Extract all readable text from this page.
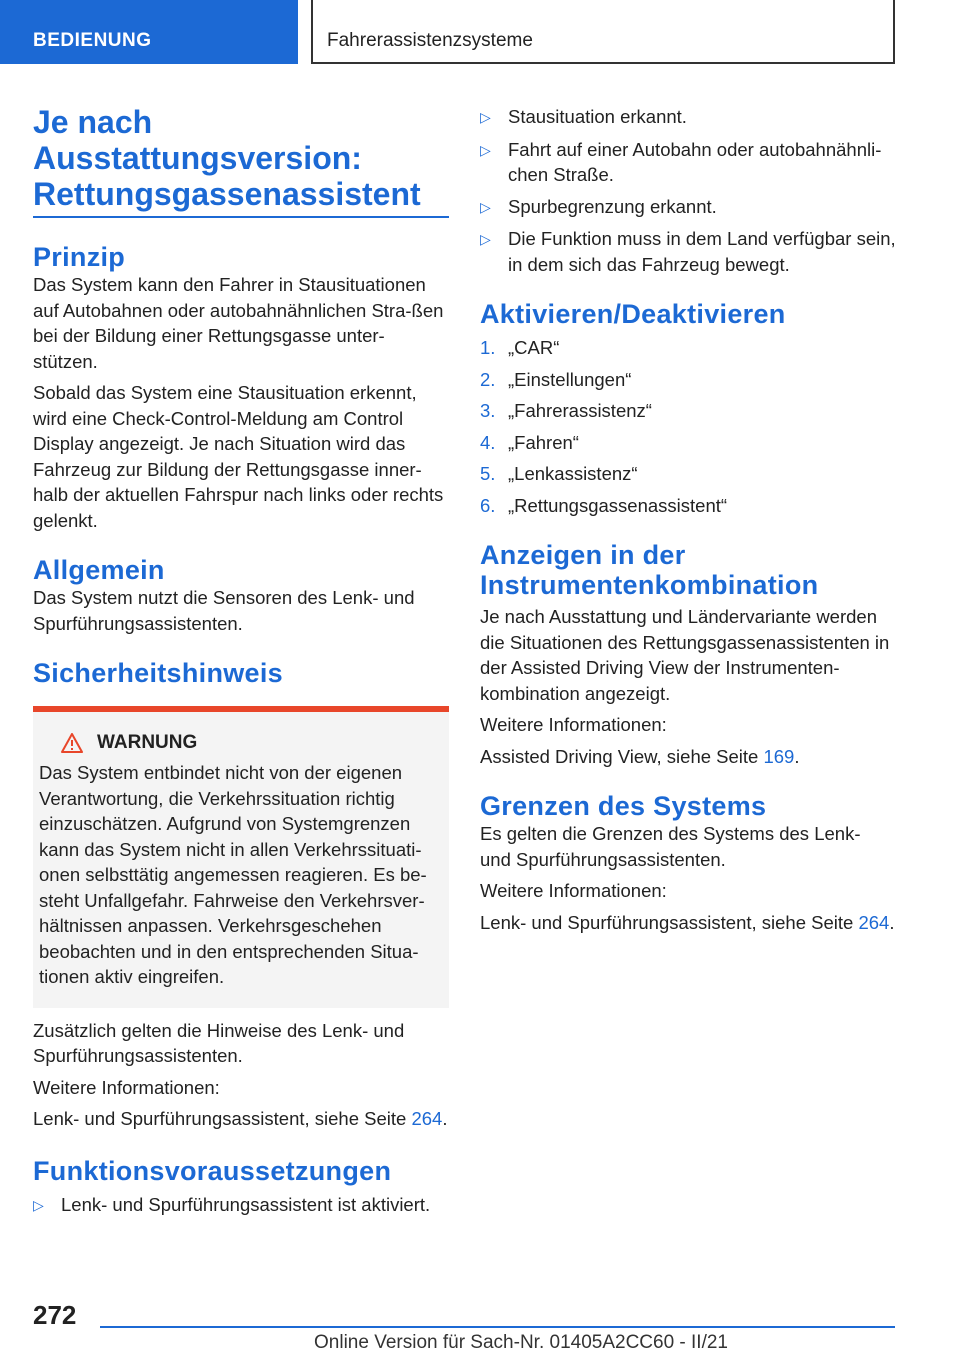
BEDIENUNG	Fahrerassistenzsysteme
Je nach Ausstattungsversion: Rettungsgassenassistent
Prinzip

Das System kann den Fahrer in Stausituationen auf Autobahnen oder autobahnähnlichen Stra-ßen bei der Bildung einer Rettungsgasse unter-stützen.

Sobald das System eine Stausituation erkennt, wird eine Check-Control-Meldung am Control Display angezeigt. Je nach Situation wird das Fahrzeug zur Bildung der Rettungsgasse inner-halb der aktuellen Fahrspur nach links oder rechts gelenkt.

Allgemein

Das System nutzt die Sensoren des Lenk- und Spurführungsassistenten.

Sicherheitshinweis
WARNUNG

Das System entbindet nicht von der eigenen Verantwortung, die Verkehrssituation richtig einzuschätzen. Aufgrund von Systemgrenzen kann das System nicht in allen Verkehrssituati-onen selbsttätig angemessen reagieren. Es be-steht Unfallgefahr. Fahrweise den Verkehrsver-hältnissen anpassen. Verkehrsgeschehen beobachten und in den entsprechenden Situa-tionen aktiv eingreifen.

Zusätzlich gelten die Hinweise des Lenk- und Spurführungsassistenten.

Weitere Informationen:

Lenk- und Spurführungsassistent, siehe Seite 264.

Funktionsvoraussetzungen
▷ Lenk- und Spurführungsassistent ist aktiviert.
▷ Stausituation erkannt.
▷ Fahrt auf einer Autobahn oder autobahnähnli-chen Straße.
▷ Spurbegrenzung erkannt.
▷ Die Funktion muss in dem Land verfügbar sein, in dem sich das Fahrzeug bewegt.
Aktivieren/Deaktivieren
1. „CAR“
2. „Einstellungen“
3. „Fahrerassistenz“
4. „Fahren“
5. „Lenkassistenz“
6. „Rettungsgassenassistent“
Anzeigen in der Instrumentenkombination

Je nach Ausstattung und Ländervariante werden die Situationen des Rettungsgassenassistenten in der Assisted Driving View der Instrumenten-kombination angezeigt.

Weitere Informationen:

Assisted Driving View, siehe Seite 169.

Grenzen des Systems

Es gelten die Grenzen des Systems des Lenk- und Spurführungsassistenten.

Weitere Informationen:

Lenk- und Spurführungsassistent, siehe Seite 264.

272
Online Version für Sach-Nr. 01405A2CC60 - II/21
